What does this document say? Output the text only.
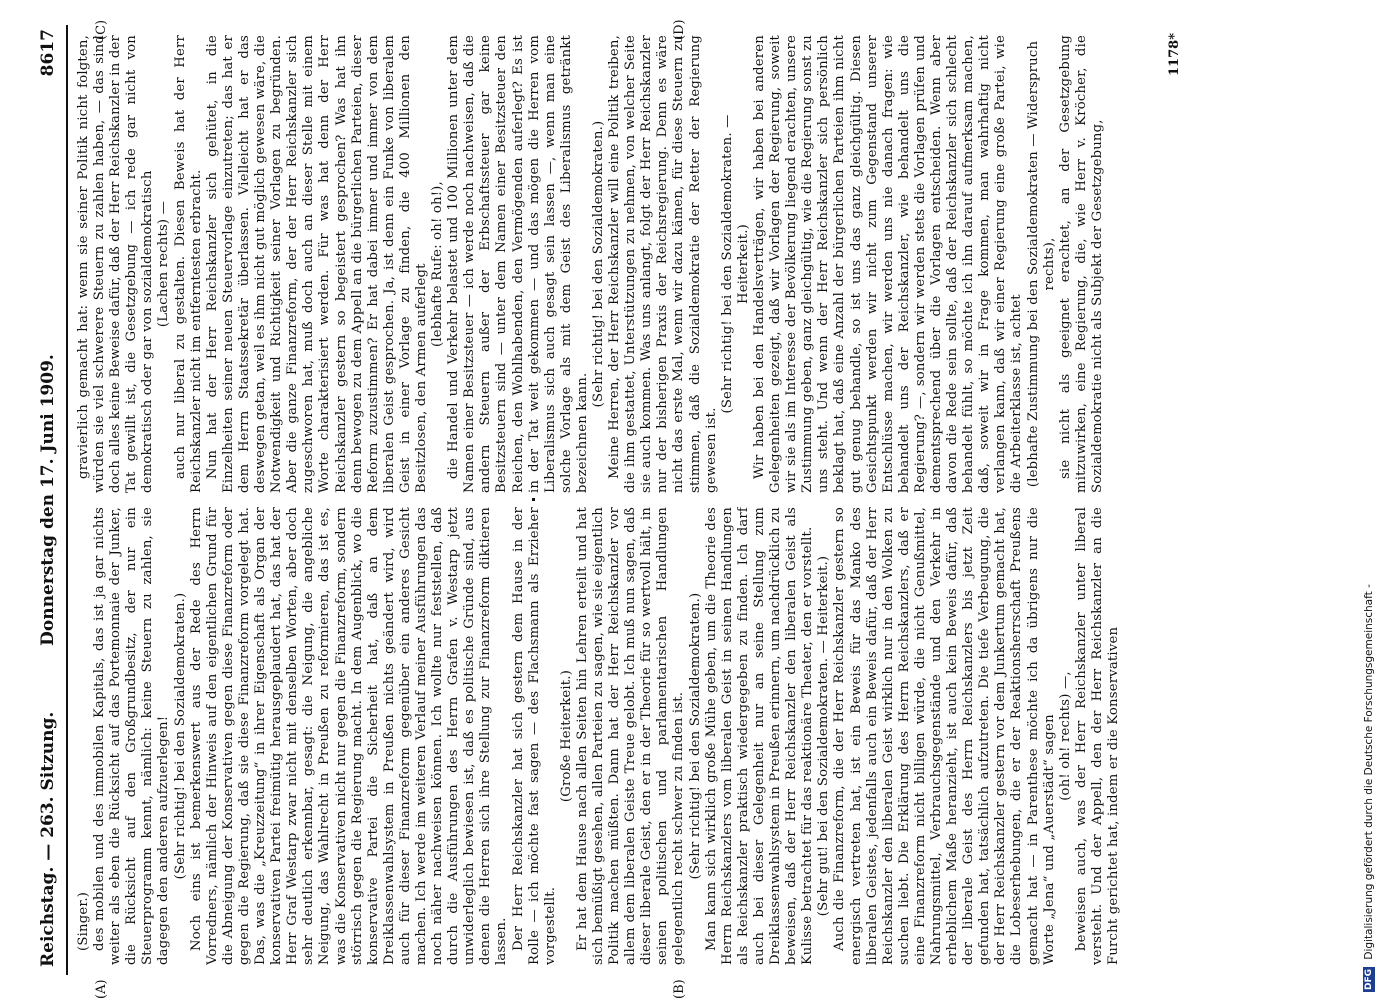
Reichstag. — 263. Sitzung.
Donnerstag den 17. Juni 1909.
8617
(A)	(B)
(C)	(D)

(Singer.) des mobilen und des immobilen Kapitals, das ist ja gar nichts weiter als eben die Rücksicht auf das Portemonnaie der Junker, die Rücksicht auf den Großgrundbesitz, der nur ein Steuerprogramm kennt, nämlich: keine Steuern zu zahlen, sie dagegen den anderen aufzuerlegen! (Sehr richtig! bei den Sozialdemokraten.) Noch eins ist bemerkenswert aus der Rede des Herrn Vorredners, nämlich der Hinweis auf den eigentlichen Grund für die Abneigung der Konservativen gegen diese Finanzreform oder gegen die Regierung, daß sie diese Finanzreform vorgelegt hat. Das, was die „Kreuzzeitung“ in ihrer Eigenschaft als Organ der konservativen Partei freimütig herausgeplaudert hat, das hat der Herr Graf Westarp zwar nicht mit denselben Worten, aber doch sehr deutlich erkennbar, gesagt: die Neigung, die angebliche Neigung, das Wahlrecht in Preußen zu reformieren, das ist es, was die Konservativen nicht nur gegen die Finanzreform, sondern störrisch gegen die Regierung macht. In dem Augenblick, wo die konservative Partei die Sicherheit hat, daß an dem Dreiklassenwahlsystem in Preußen nichts geändert wird, wird auch für dieser Finanzreform gegenüber ein anderes Gesicht machen. Ich werde im weiteren Verlauf meiner Ausführungen das noch näher nachweisen können. Ich wollte nur feststellen, daß durch die Ausführungen des Herrn Grafen v. Westarp jetzt unwiderleglich bewiesen ist, daß es politische Gründe sind, aus denen die Herren sich ihre Stellung zur Finanzreform diktieren lassen. Der Herr Reichskanzler hat sich gestern dem Hause in der Rolle — ich möchte fast sagen — des Flachsmann als Erzieher vorgestellt.

(Große Heiterkeit.) Er hat dem Hause nach allen Seiten hin Lehren erteilt und hat sich bemüßigt gesehen, allen Parteien zu sagen, wie sie eigentlich Politik machen müßten. Dann hat der Herr Reichskanzler vor allem dem liberalen Geiste Treue gelobt. Ich muß nun sagen, daß dieser liberale Geist, den er in der Theorie für so wertvoll hält, in seinen politischen und parlamentarischen Handlungen gelegentlich recht schwer zu finden ist. (Sehr richtig! bei den Sozialdemokraten.) Man kann sich wirklich große Mühe geben, um die Theorie des Herrn Reichskanzlers vom liberalen Geist in seinen Handlungen als Reichskanzler praktisch wiedergegeben zu finden. Ich darf auch bei dieser Gelegenheit nur an seine Stellung zum Dreiklassenwahlsystem in Preußen erinnern, um nachdrücklich zu beweisen, daß der Herr Reichskanzler den liberalen Geist als Kulisse betrachtet für das reaktionäre Theater, den er vorstellt. (Sehr gut! bei den Sozialdemokraten. — Heiterkeit.) Auch die Finanzreform, die der Herr Reichskanzler gestern so energisch vertreten hat, ist ein Beweis für das Manko des liberalen Geistes, jedenfalls auch ein Beweis dafür, daß der Herr Reichskanzler den liberalen Geist wirklich nur in den Wolken zu suchen liebt. Die Erklärung des Herrn Reichskanzlers, daß er eine Finanzreform nicht billigen würde, die nicht Genußmittel, Nahrungsmittel, Verbrauchsgegenstände und den Verkehr in erheblichem Maße heranzieht, ist auch kein Beweis dafür, daß der liberale Geist des Herrn Reichskanzlers bis jetzt Zeit gefunden hat, tatsächlich aufzutreten. Die tiefe Verbeugung, die der Herr Reichskanzler gestern vor dem Junkertum gemacht hat, die Lobeserhebungen, die er der Reaktionsherrschaft Preußens gemacht hat — in Parenthese möchte ich da übrigens nur die Worte „Jena“ und „Auerstädt“ sagen (oh! oh! rechts) —, beweisen auch, was der Herr Reichskanzler unter liberal versteht. Und der Appell, den der Herr Reichskanzler an die Furcht gerichtet hat, indem er die Konservativen

gravierlich gemacht hat: wenn sie seiner Politik nicht folgten, würden sie viel schwerere Steuern zu zahlen haben, — das sind doch alles keine Beweise dafür, daß der Herr Reichskanzler in der Tat gewillt ist, die Gesetzgebung — ich rede gar nicht von demokratisch oder gar von sozialdemokratisch (Lachen rechts) — auch nur liberal zu gestalten. Diesen Beweis hat der Herr Reichskanzler nicht im entferntesten erbracht. Nun hat der Herr Reichskanzler sich gehütet, in die Einzelheiten seiner neuen Steuervorlage einzutreten; das hat er dem Herrn Staatssekretär überlassen. Vielleicht hat er das deswegen getan, weil es ihm nicht gut möglich gewesen wäre, die Notwendigkeit und Richtigkeit seiner Vorlagen zu begründen. Aber die ganze Finanzreform, der der Herr Reichskanzler sich zugeschworen hat, muß doch auch an dieser Stelle mit einem Worte charakterisiert werden. Für was hat denn der Herr Reichskanzler gestern so begeistert gesprochen? Was hat ihn denn bewogen zu dem Appell an die bürgerlichen Parteien, dieser Reform zuzustimmen? Er hat dabei immer und immer von dem liberalen Geist gesprochen. Ja, ist denn ein Funke von liberalem Geist in einer Vorlage zu finden, die 400 Millionen den Besitzlosen, den Armen auferlegt (lebhafte Rufe: oh! oh!), die Handel und Verkehr belastet und 100 Millionen unter dem Namen einer Besitzsteuer — ich werde noch nachweisen, daß die andern Steuern außer der Erbschaftssteuer gar keine Besitzsteuern sind — unter dem Namen einer Besitzsteuer den Reichen, den Wohlhabenden, den Vermögenden auferlegt? Es ist in der Tat weit gekommen — und das mögen die Herren vom Liberalismus sich auch gesagt sein lassen —, wenn man eine solche Vorlage als mit dem Geist des Liberalismus getränkt bezeichnen kann.

(Sehr richtig! bei den Sozialdemokraten.) Meine Herren, der Herr Reichskanzler will eine Politik treiben, die ihm gestattet, Unterstützungen zu nehmen, von welcher Seite sie auch kommen. Was uns anlangt, folgt der Herr Reichskanzler nur der bisherigen Praxis der Reichsregierung. Denn es wäre nicht das erste Mal, wenn wir dazu kämen, für diese Steuern zu stimmen, daß die Sozialdemokratie der Retter der Regierung gewesen ist.

(Sehr richtig! bei den Sozialdemokraten. — Heiterkeit.) Wir haben bei den Handelsverträgen, wir haben bei anderen Gelegenheiten gezeigt, daß wir Vorlagen der Regierung, soweit wir sie als im Interesse der Bevölkerung liegend erachten, unsere Zustimmung geben, ganz gleichgültig, wie die Regierung sonst zu uns steht. Und wenn der Herr Reichskanzler sich persönlich beklagt hat, daß eine Anzahl der bürgerlichen Parteien ihm nicht gut genug behandle, so ist uns das ganz gleichgültig. Diesen Gesichtspunkt werden wir nicht zum Gegenstand unserer Entschlüsse machen, wir werden uns nie danach fragen: wie behandelt uns der Reichskanzler, wie behandelt uns die Regierung? —, sondern wir werden stets die Vorlagen prüfen und dementsprechend über die Vorlagen entscheiden. Wenn aber davon die Rede sein sollte, daß der Reichskanzler sich schlecht behandelt fühlt, so möchte ich ihn darauf aufmerksam machen, daß, soweit wir in Frage kommen, man wahrhaftig nicht verlangen kann, daß wir einer Regierung eine große Partei, wie die Arbeiterklasse ist, achtet (lebhafte Zustimmung bei den Sozialdemokraten — Widerspruch rechts), sie nicht als geeignet erachtet, an der Gesetzgebung mitzuwirken, eine Regierung, die, wie Herr v. Kröcher, die Sozialdemokratie nicht als Subjekt der Gesetzgebung,

1178*
DFG Digitalisierung gefördert durch die Deutsche Forschungsgemeinschaft -
